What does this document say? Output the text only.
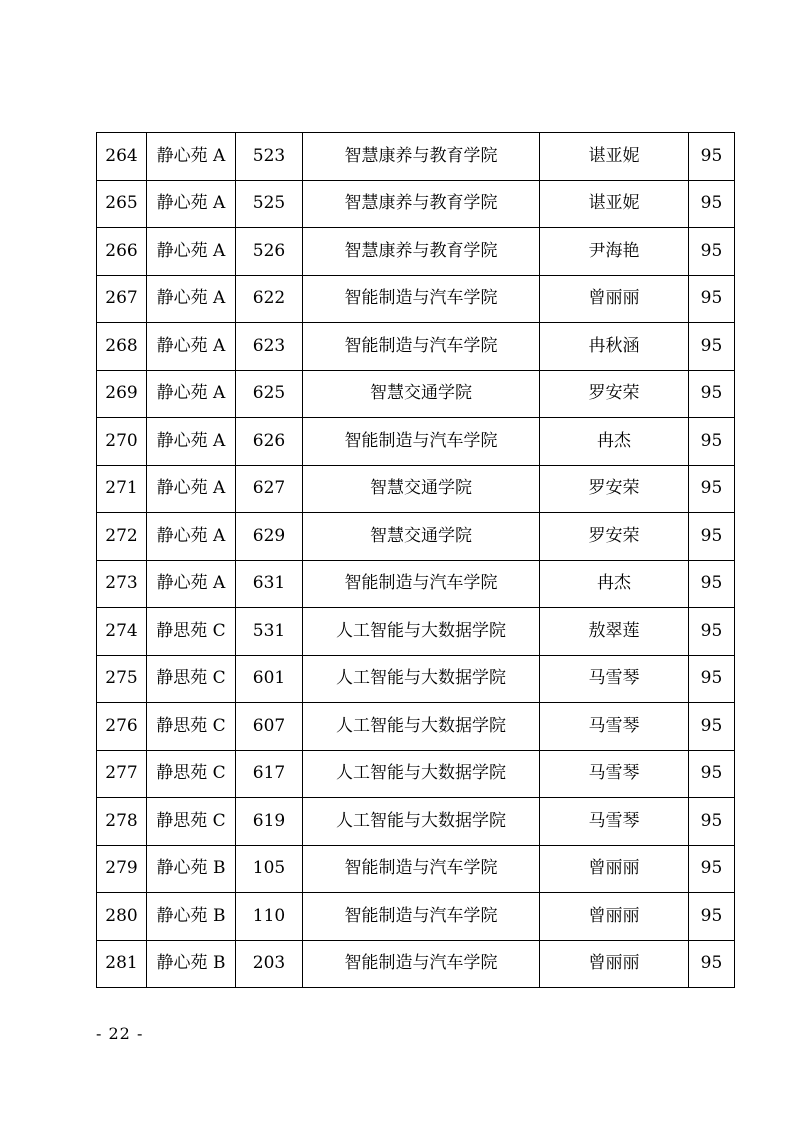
264	静心苑 A	523	智慧康养与教育学院	谌亚妮	95
265	静心苑 A	525	智慧康养与教育学院	谌亚妮	95
266	静心苑 A	526	智慧康养与教育学院	尹海艳	95
267	静心苑 A	622	智能制造与汽车学院	曾丽丽	95
268	静心苑 A	623	智能制造与汽车学院	冉秋涵	95
269	静心苑 A	625	智慧交通学院	罗安荣	95
270	静心苑 A	626	智能制造与汽车学院	冉杰	95
271	静心苑 A	627	智慧交通学院	罗安荣	95
272	静心苑 A	629	智慧交通学院	罗安荣	95
273	静心苑 A	631	智能制造与汽车学院	冉杰	95
274	静思苑 C	531	人工智能与大数据学院	敖翠莲	95
275	静思苑 C	601	人工智能与大数据学院	马雪琴	95
276	静思苑 C	607	人工智能与大数据学院	马雪琴	95
277	静思苑 C	617	人工智能与大数据学院	马雪琴	95
278	静思苑 C	619	人工智能与大数据学院	马雪琴	95
279	静心苑 B	105	智能制造与汽车学院	曾丽丽	95
280	静心苑 B	110	智能制造与汽车学院	曾丽丽	95
281	静心苑 B	203	智能制造与汽车学院	曾丽丽	95
- 22 -
